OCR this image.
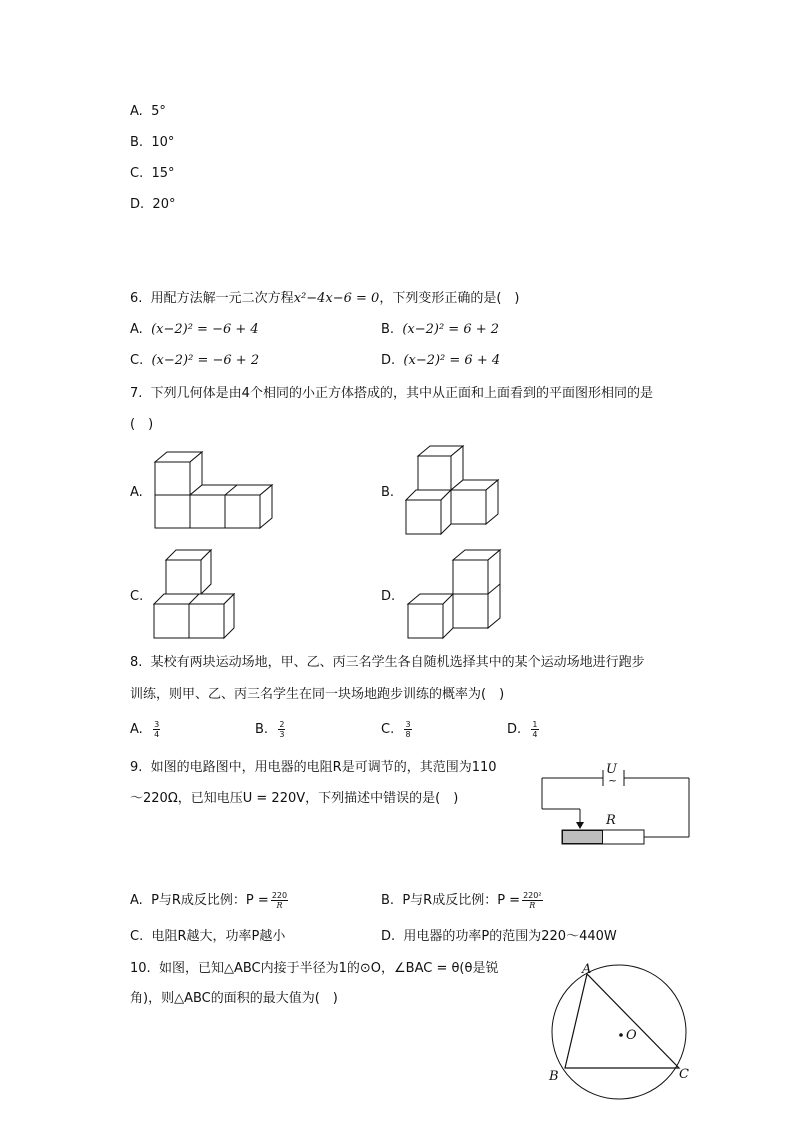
A. 5°
B. 10°
C. 15°
D. 20°
6. 用配方法解一元二次方程x²−4x−6 = 0，下列变形正确的是(　)
A. (x−2)² = −6 + 4	B. (x−2)² = 6 + 2
C. (x−2)² = −6 + 2	D. (x−2)² = 6 + 4
7. 下列几何体是由4个相同的小正方体搭成的，其中从正面和上面看到的平面图形相同的是
(　)
A.	B.
C.	D.
8. 某校有两块运动场地，甲、乙、丙三名学生各自随机选择其中的某个运动场地进行跑步
训练，则甲、乙、丙三名学生在同一块场地跑步训练的概率为(　)
A. $\frac{3}{4}$	B. $\frac{2}{3}$	C. $\frac{3}{8}$	D. $\frac{1}{4}$
9. 如图的电路图中，用电器的电阻R是可调节的，其范围为110
～220Ω，已知电压U = 220V，下列描述中错误的是(　)
U
~
R
A. P与R成反比例：$P = \frac{220}{R}$	B. P与R成反比例：$P = \frac{\text{220²}}{R}$
C. 电阻R越大，功率P越小	D. 用电器的功率P的范围为220～440W
10. 如图，已知△ABC内接于半径为1的⊙O，∠BAC = θ(θ是锐
角)，则△ABC的面积的最大值为(　)
A
B	C
O
